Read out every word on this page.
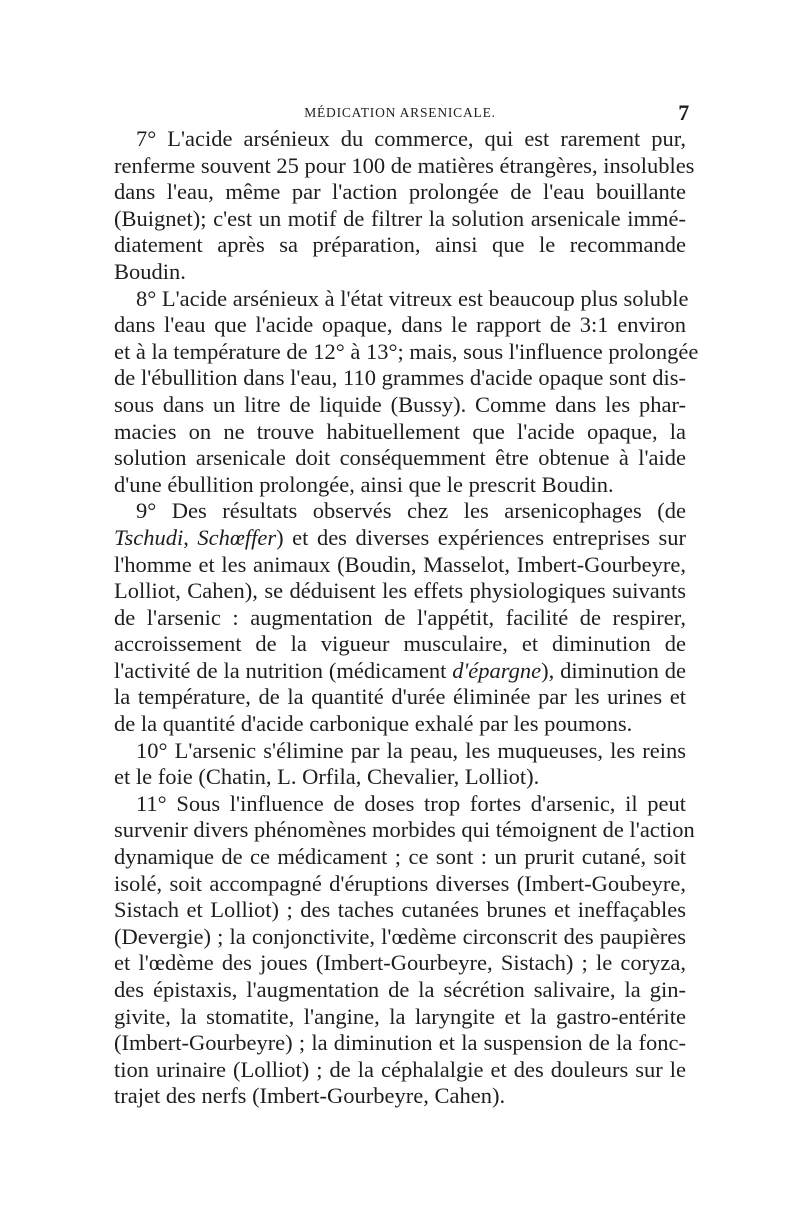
MÉDICATION ARSENICALE.	7

7° L'acide arsénieux du commerce, qui est rarement pur,
renferme souvent 25 pour 100 de matières étrangères, insolubles
dans l'eau, même par l'action prolongée de l'eau bouillante
(Buignet); c'est un motif de filtrer la solution arsenicale immé-
diatement après sa préparation, ainsi que le recommande
Boudin.

8° L'acide arsénieux à l'état vitreux est beaucoup plus soluble
dans l'eau que l'acide opaque, dans le rapport de 3:1 environ
et à la température de 12° à 13°; mais, sous l'influence prolongée
de l'ébullition dans l'eau, 110 grammes d'acide opaque sont dis-
sous dans un litre de liquide (Bussy). Comme dans les phar-
macies on ne trouve habituellement que l'acide opaque, la
solution arsenicale doit conséquemment être obtenue à l'aide
d'une ébullition prolongée, ainsi que le prescrit Boudin.

9° Des résultats observés chez les arsenicophages (de
Tschudi, Schœffer) et des diverses expériences entreprises sur
l'homme et les animaux (Boudin, Masselot, Imbert-Gourbeyre,
Lolliot, Cahen), se déduisent les effets physiologiques suivants
de l'arsenic : augmentation de l'appétit, facilité de respirer,
accroissement de la vigueur musculaire, et diminution de
l'activité de la nutrition (médicament d'épargne), diminution de
la température, de la quantité d'urée éliminée par les urines et
de la quantité d'acide carbonique exhalé par les poumons.

10° L'arsenic s'élimine par la peau, les muqueuses, les reins
et le foie (Chatin, L. Orfila, Chevalier, Lolliot).

11° Sous l'influence de doses trop fortes d'arsenic, il peut
survenir divers phénomènes morbides qui témoignent de l'action
dynamique de ce médicament ; ce sont : un prurit cutané, soit
isolé, soit accompagné d'éruptions diverses (Imbert-Goubeyre,
Sistach et Lolliot) ; des taches cutanées brunes et ineffaçables
(Devergie) ; la conjonctivite, l'œdème circonscrit des paupières
et l'œdème des joues (Imbert-Gourbeyre, Sistach) ; le coryza,
des épistaxis, l'augmentation de la sécrétion salivaire, la gin-
givite, la stomatite, l'angine, la laryngite et la gastro-entérite
(Imbert-Gourbeyre) ; la diminution et la suspension de la fonc-
tion urinaire (Lolliot) ; de la céphalalgie et des douleurs sur le
trajet des nerfs (Imbert-Gourbeyre, Cahen).
